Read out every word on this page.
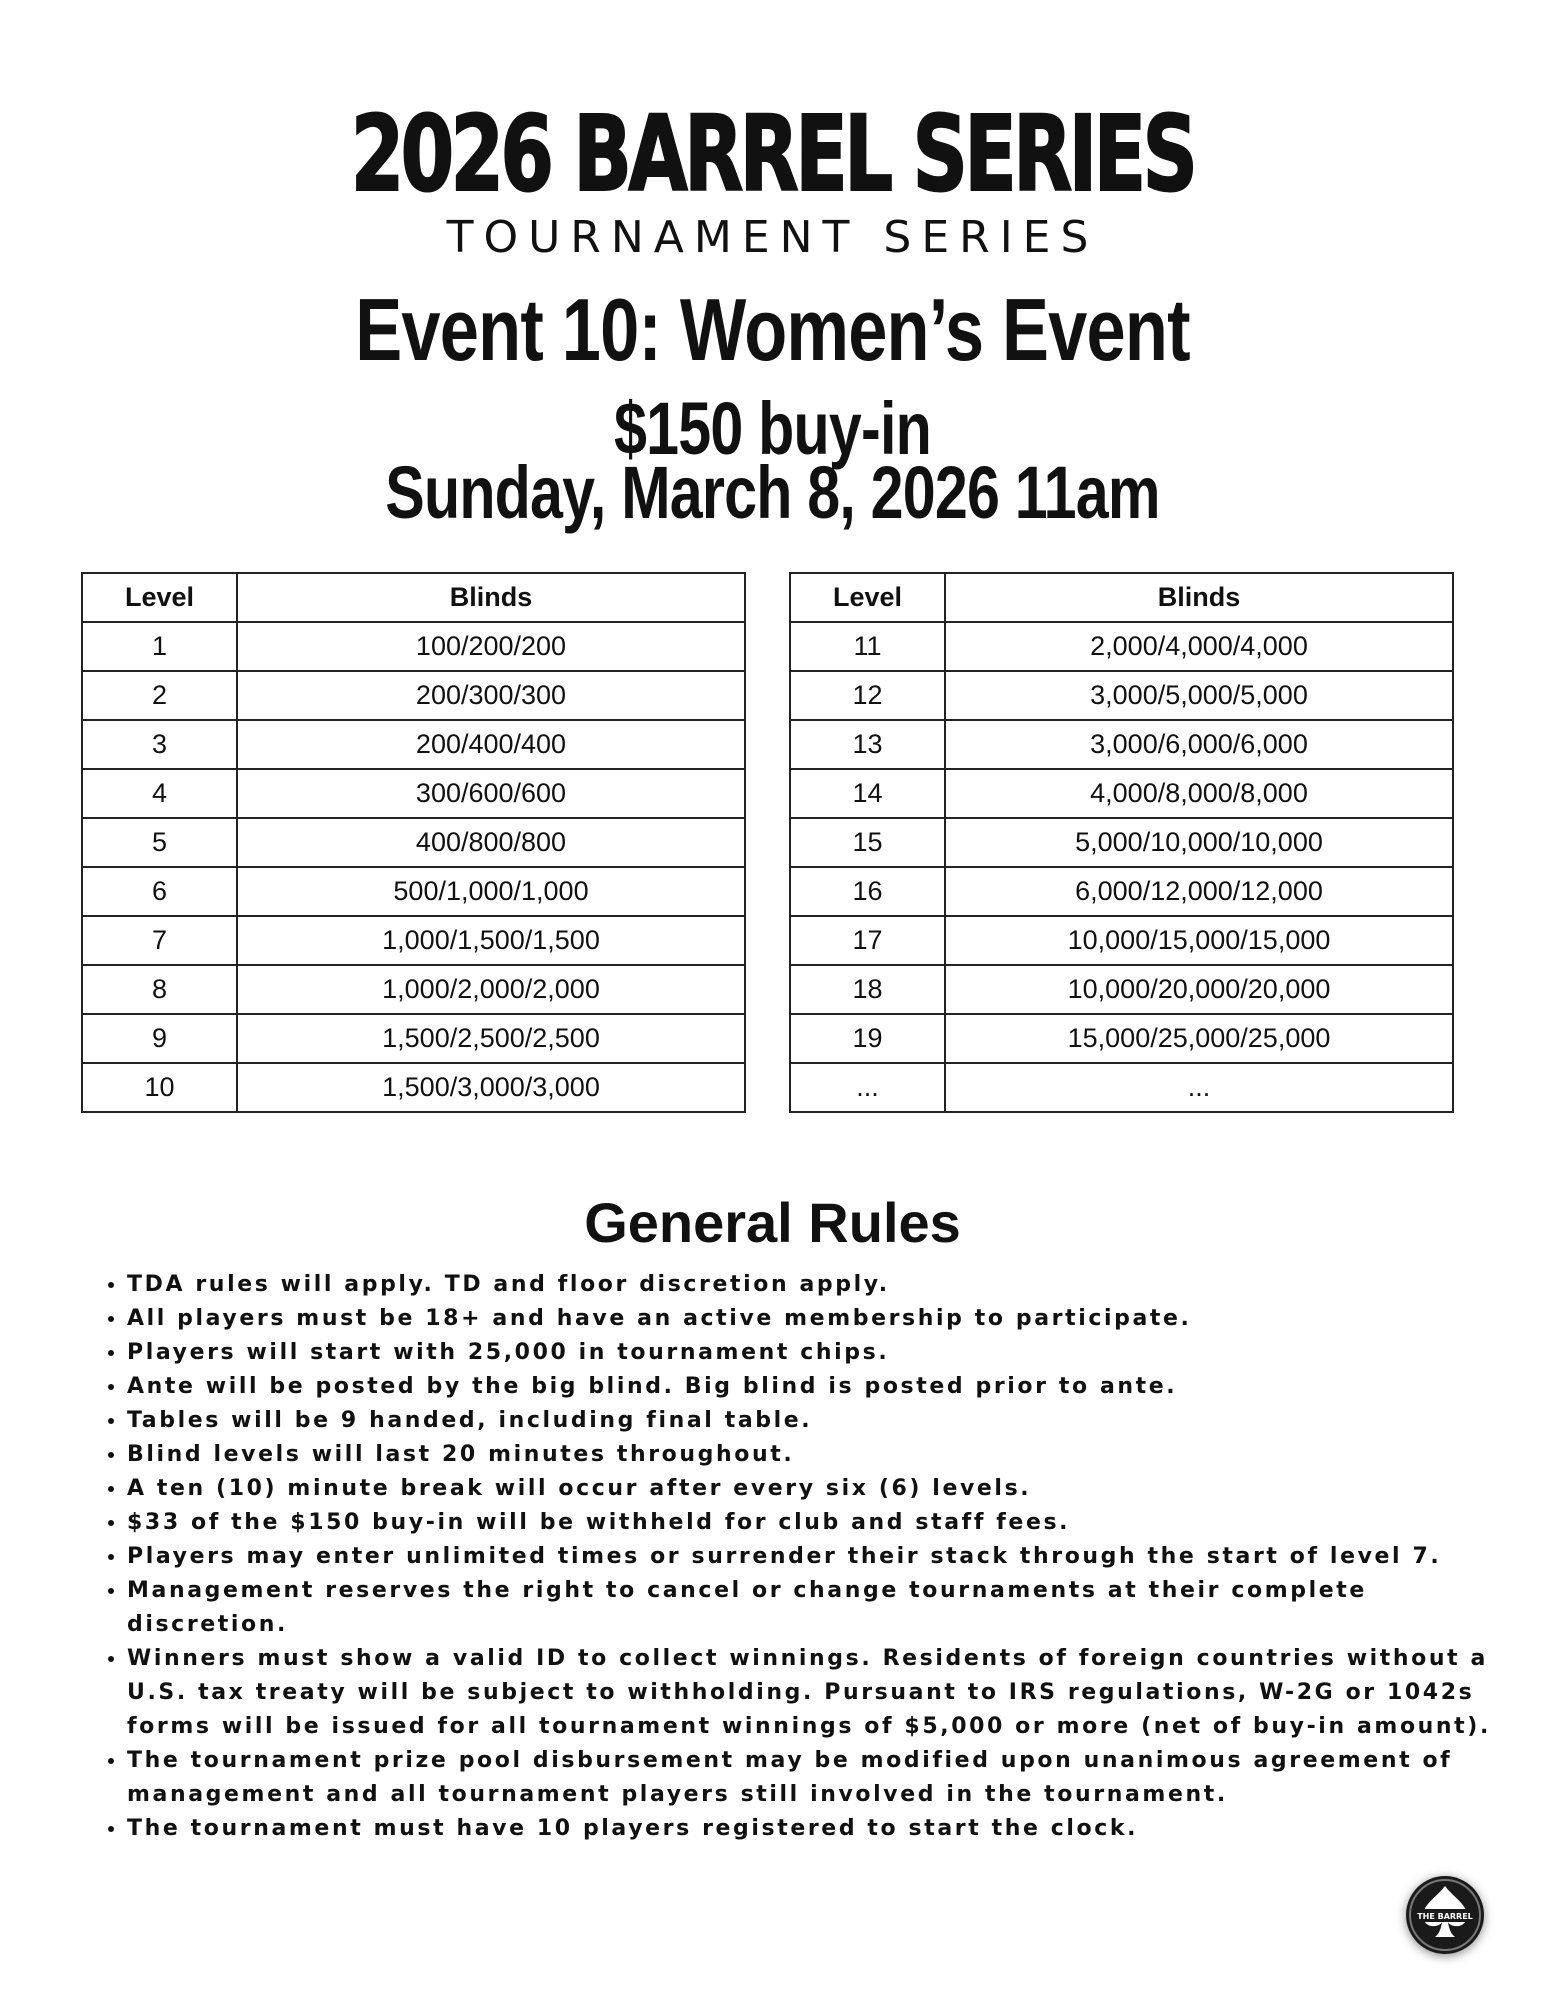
2026 BARREL SERIES
TOURNAMENT SERIES
Event 10: Women’s Event
$150 buy-in
Sunday, March 8, 2026 11am
Level	Blinds
1	100/200/200
2	200/300/300
3	200/400/400
4	300/600/600
5	400/800/800
6	500/1,000/1,000
7	1,000/1,500/1,500
8	1,000/2,000/2,000
9	1,500/2,500/2,500
10	1,500/3,000/3,000
Level	Blinds
11	2,000/4,000/4,000
12	3,000/5,000/5,000
13	3,000/6,000/6,000
14	4,000/8,000/8,000
15	5,000/10,000/10,000
16	6,000/12,000/12,000
17	10,000/15,000/15,000
18	10,000/20,000/20,000
19	15,000/25,000/25,000
...	...
General Rules
• TDA rules will apply. TD and floor discretion apply.
• All players must be 18+ and have an active membership to participate.
• Players will start with 25,000 in tournament chips.
• Ante will be posted by the big blind. Big blind is posted prior to ante.
• Tables will be 9 handed, including final table.
• Blind levels will last 20 minutes throughout.
• A ten (10) minute break will occur after every six (6) levels.
• $33 of the $150 buy-in will be withheld for club and staff fees.
• Players may enter unlimited times or surrender their stack through the start of level 7.
• Management reserves the right to cancel or change tournaments at their complete discretion.
• Winners must show a valid ID to collect winnings. Residents of foreign countries without a U.S. tax treaty will be subject to withholding. Pursuant to IRS regulations, W-2G or 1042s forms will be issued for all tournament winnings of $5,000 or more (net of buy-in amount).
• The tournament prize pool disbursement may be modified upon unanimous agreement of management and all tournament players still involved in the tournament.
• The tournament must have 10 players registered to start the clock.
THE BARREL
